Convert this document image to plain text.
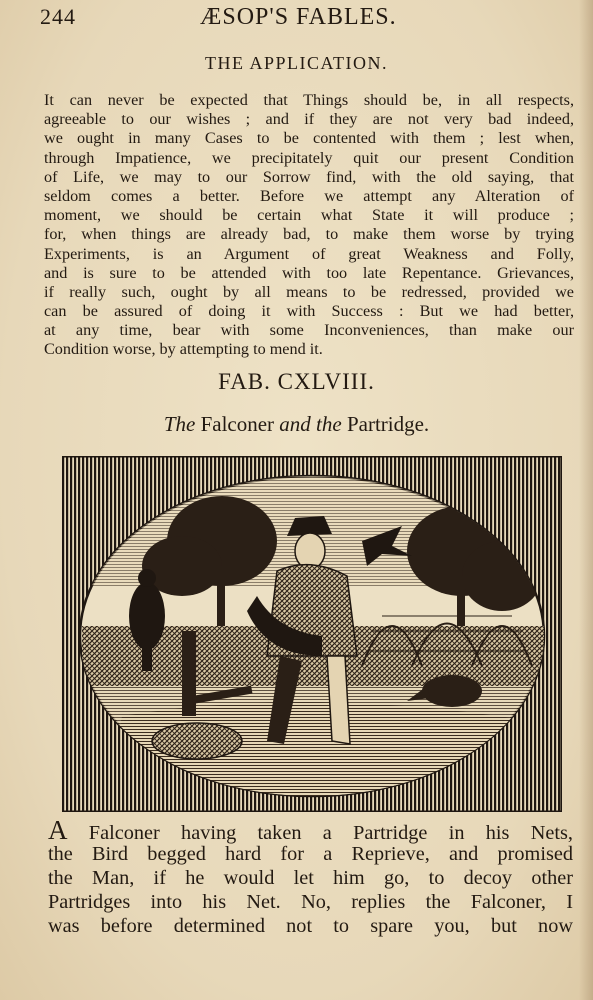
244	ÆSOP'S FABLES.
THE APPLICATION.
It can never be expected that Things should be, in all respects,
agreeable to our wishes ; and if they are not very bad indeed,
we ought in many Cases to be contented with them ; lest when,
through Impatience, we precipitately quit our present Condition
of Life, we may to our Sorrow find, with the old saying, that
seldom comes a better. Before we attempt any Alteration of
moment, we should be certain what State it will produce ;
for, when things are already bad, to make them worse by trying
Experiments, is an Argument of great Weakness and Folly,
and is sure to be attended with too late Repentance. Grievances,
if really such, ought by all means to be redressed, provided we
can be assured of doing it with Success : But we had better,
at any time, bear with some Inconveniences, than make our
Condition worse, by attempting to mend it.
FAB. CXLVIII.
The Falconer and the Partridge.
A Falconer having taken a Partridge in his Nets,
the Bird begged hard for a Reprieve, and promised
the Man, if he would let him go, to decoy other
Partridges into his Net. No, replies the Falconer, I
was before determined not to spare you, but now
